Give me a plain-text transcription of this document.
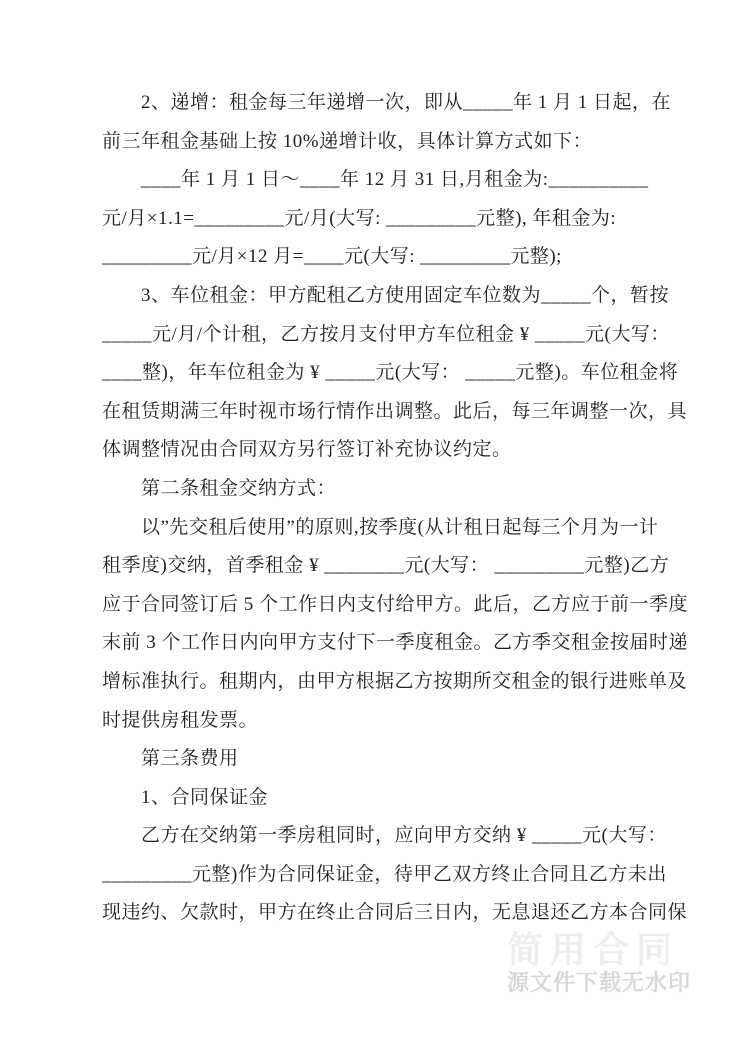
　　2、递增：租金每三年递增一次，即从_____年 1 月 1 日起，在
前三年租金基础上按 10%递增计收，具体计算方式如下：
　　____年 1 月 1 日～____年 12 月 31 日,月租金为:__________
元/月×1.1=_________元/月(大写: _________元整), 年租金为:
_________元/月×12 月=____元(大写: _________元整);
　　3、车位租金：甲方配租乙方使用固定车位数为_____个，暂按
_____元/月/个计租，乙方按月支付甲方车位租金 ¥ _____元(大写：
____整)，年车位租金为 ¥ _____元(大写： _____元整)。车位租金将
在租赁期满三年时视市场行情作出调整。此后，每三年调整一次，具
体调整情况由合同双方另行签订补充协议约定。
　　第二条租金交纳方式：
　　以”先交租后使用”的原则,按季度(从计租日起每三个月为一计
租季度)交纳，首季租金 ¥ ________元(大写： _________元整)乙方
应于合同签订后 5 个工作日内支付给甲方。此后，乙方应于前一季度
末前 3 个工作日内向甲方支付下一季度租金。乙方季交租金按届时递
增标准执行。租期内，由甲方根据乙方按期所交租金的银行进账单及
时提供房租发票。
　　第三条费用
　　1、合同保证金
　　乙方在交纳第一季房租同时，应向甲方交纳 ¥ _____元(大写：
_________元整)作为合同保证金，待甲乙双方终止合同且乙方未出
现违约、欠款时，甲方在终止合同后三日内，无息退还乙方本合同保
简用合同
源文件下载无水印
